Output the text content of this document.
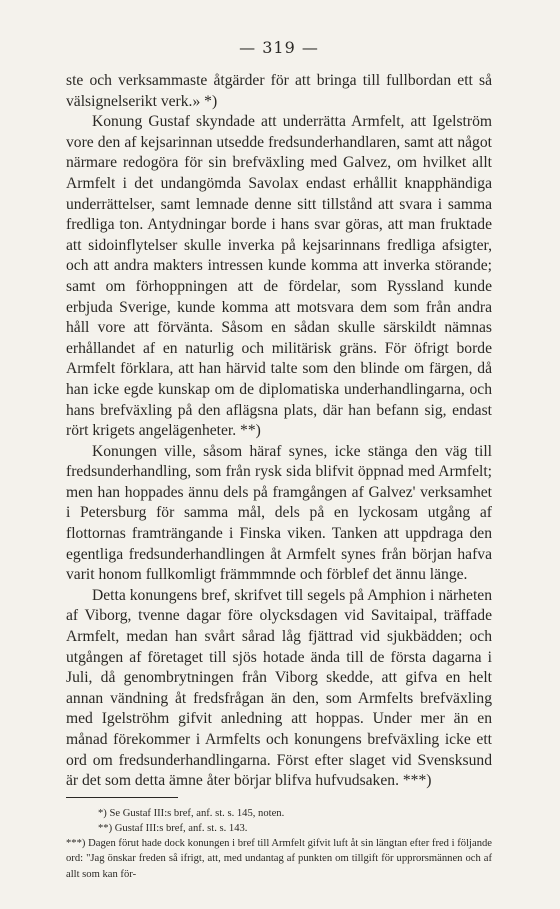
— 319 —

ste och verksammaste åtgärder för att bringa till fullbordan ett så välsignelserikt verk.» *)

Konung Gustaf skyndade att underrätta Armfelt, att Igelström vore den af kejsarinnan utsedde fredsunderhandlaren, samt att något närmare redogöra för sin brefväxling med Galvez, om hvilket allt Armfelt i det undangömda Savolax endast erhållit knapphändiga underrättelser, samt lemnade denne sitt tillstånd att svara i samma fredliga ton. Antydningar borde i hans svar göras, att man fruktade att sidoinflytelser skulle inverka på kejsarinnans fredliga afsigter, och att andra makters intressen kunde komma att inverka störande; samt om förhoppningen att de fördelar, som Ryssland kunde erbjuda Sverige, kunde komma att motsvara dem som från andra håll vore att förvänta. Såsom en sådan skulle särskildt nämnas erhållandet af en naturlig och militärisk gräns. För öfrigt borde Armfelt förklara, att han härvid talte som den blinde om färgen, då han icke egde kunskap om de diplomatiska underhandlingarna, och hans brefväxling på den aflägsna plats, där han befann sig, endast rört krigets angelägenheter. **)

Konungen ville, såsom häraf synes, icke stänga den väg till fredsunderhandling, som från rysk sida blifvit öppnad med Armfelt; men han hoppades ännu dels på framgången af Galvez' verksamhet i Petersburg för samma mål, dels på en lyckosam utgång af flottornas framträngande i Finska viken. Tanken att uppdraga den egentliga fredsunderhandlingen åt Armfelt synes från början hafva varit honom fullkomligt främmmnde och förblef det ännu länge.

Detta konungens bref, skrifvet till segels på Amphion i närheten af Viborg, tvenne dagar före olycksdagen vid Savitaipal, träffade Armfelt, medan han svårt sårad låg fjättrad vid sjukbädden; och utgången af företaget till sjös hotade ända till de första dagarna i Juli, då genombrytningen från Viborg skedde, att gifva en helt annan vändning åt fredsfrågan än den, som Armfelts brefväxling med Igelströhm gifvit anledning att hoppas. Under mer än en månad förekommer i Armfelts och konungens brefväxling icke ett ord om fredsunderhandlingarna. Först efter slaget vid Svensksund är det som detta ämne åter börjar blifva hufvudsaken. ***)

*) Se Gustaf III:s bref, anf. st. s. 145, noten.

**) Gustaf III:s bref, anf. st. s. 143.

***) Dagen förut hade dock konungen i bref till Armfelt gifvit luft åt sin längtan efter fred i följande ord: "Jag önskar freden så ifrigt, att, med undantag af punkten om tillgift för upprorsmännen och af allt som kan för-
